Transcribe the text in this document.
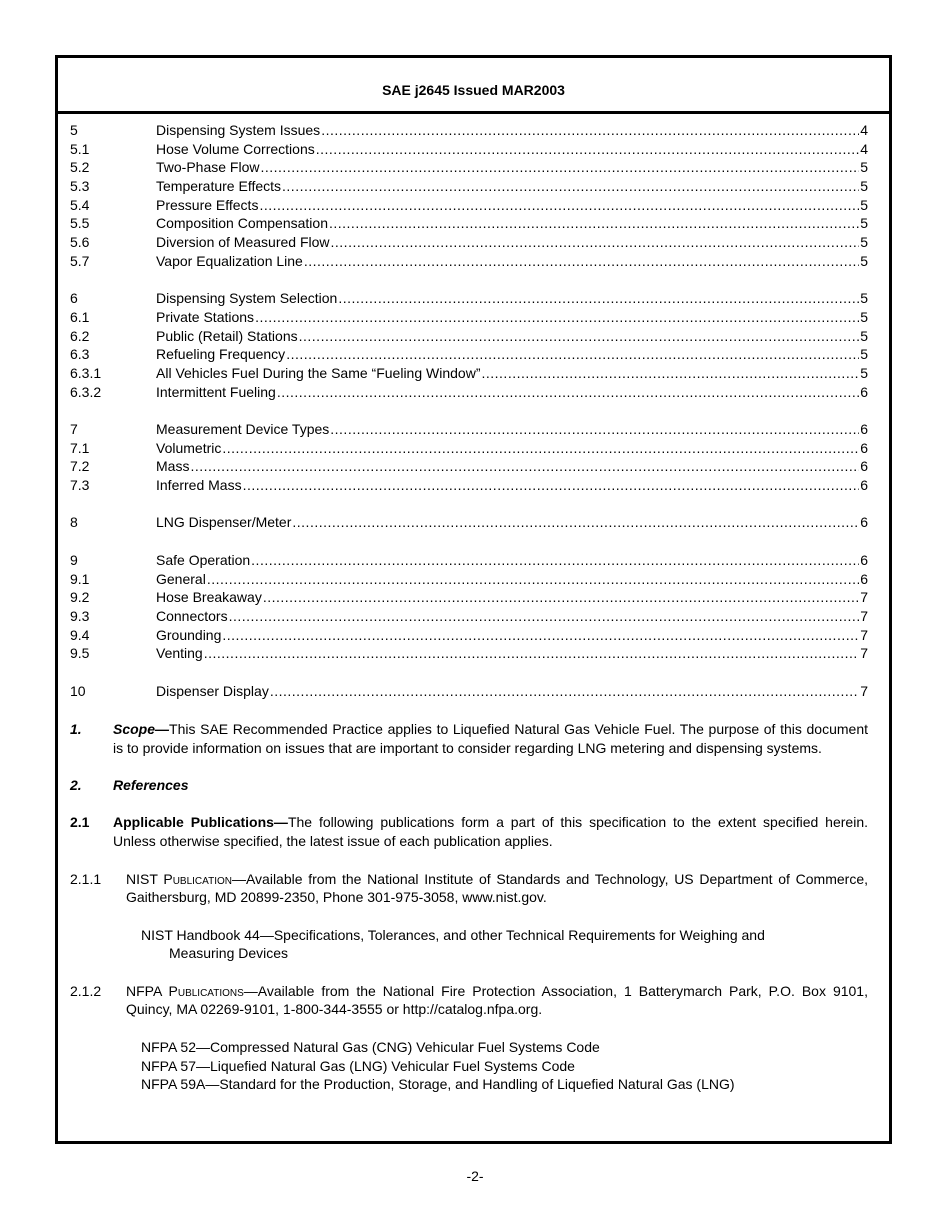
SAE j2645 Issued MAR2003
5	Dispensing System Issues .....	4
5.1	Hose Volume Corrections .....	4
5.2	Two-Phase Flow .....	5
5.3	Temperature Effects .....	5
5.4	Pressure Effects .....	5
5.5	Composition Compensation .....	5
5.6	Diversion of Measured Flow .....	5
5.7	Vapor Equalization Line .....	5
6	Dispensing System Selection .....	5
6.1	Private Stations .....	5
6.2	Public (Retail) Stations .....	5
6.3	Refueling Frequency .....	5
6.3.1	All Vehicles Fuel During the Same “Fueling Window” .....	5
6.3.2	Intermittent Fueling .....	6
7	Measurement Device Types .....	6
7.1	Volumetric .....	6
7.2	Mass .....	6
7.3	Inferred Mass .....	6
8	LNG Dispenser/Meter .....	6
9	Safe Operation .....	6
9.1	General .....	6
9.2	Hose Breakaway .....	7
9.3	Connectors .....	7
9.4	Grounding .....	7
9.5	Venting .....	7
10	Dispenser Display .....	7
1.	Scope—This SAE Recommended Practice applies to Liquefied Natural Gas Vehicle Fuel. The purpose of this document is to provide information on issues that are important to consider regarding LNG metering and dispensing systems.
2.	References
2.1	Applicable Publications—The following publications form a part of this specification to the extent specified herein. Unless otherwise specified, the latest issue of each publication applies.
2.1.1	NIST Publication—Available from the National Institute of Standards and Technology, US Department of Commerce, Gaithersburg, MD 20899-2350, Phone 301-975-3058, www.nist.gov.
NIST Handbook 44—Specifications, Tolerances, and other Technical Requirements for Weighing and
Measuring Devices
2.1.2	NFPA Publications—Available from the National Fire Protection Association, 1 Batterymarch Park, P.O. Box 9101, Quincy, MA 02269-9101, 1-800-344-3555 or http://catalog.nfpa.org.
NFPA 52—Compressed Natural Gas (CNG) Vehicular Fuel Systems Code
NFPA 57—Liquefied Natural Gas (LNG) Vehicular Fuel Systems Code
NFPA 59A—Standard for the Production, Storage, and Handling of Liquefied Natural Gas (LNG)
-2-
